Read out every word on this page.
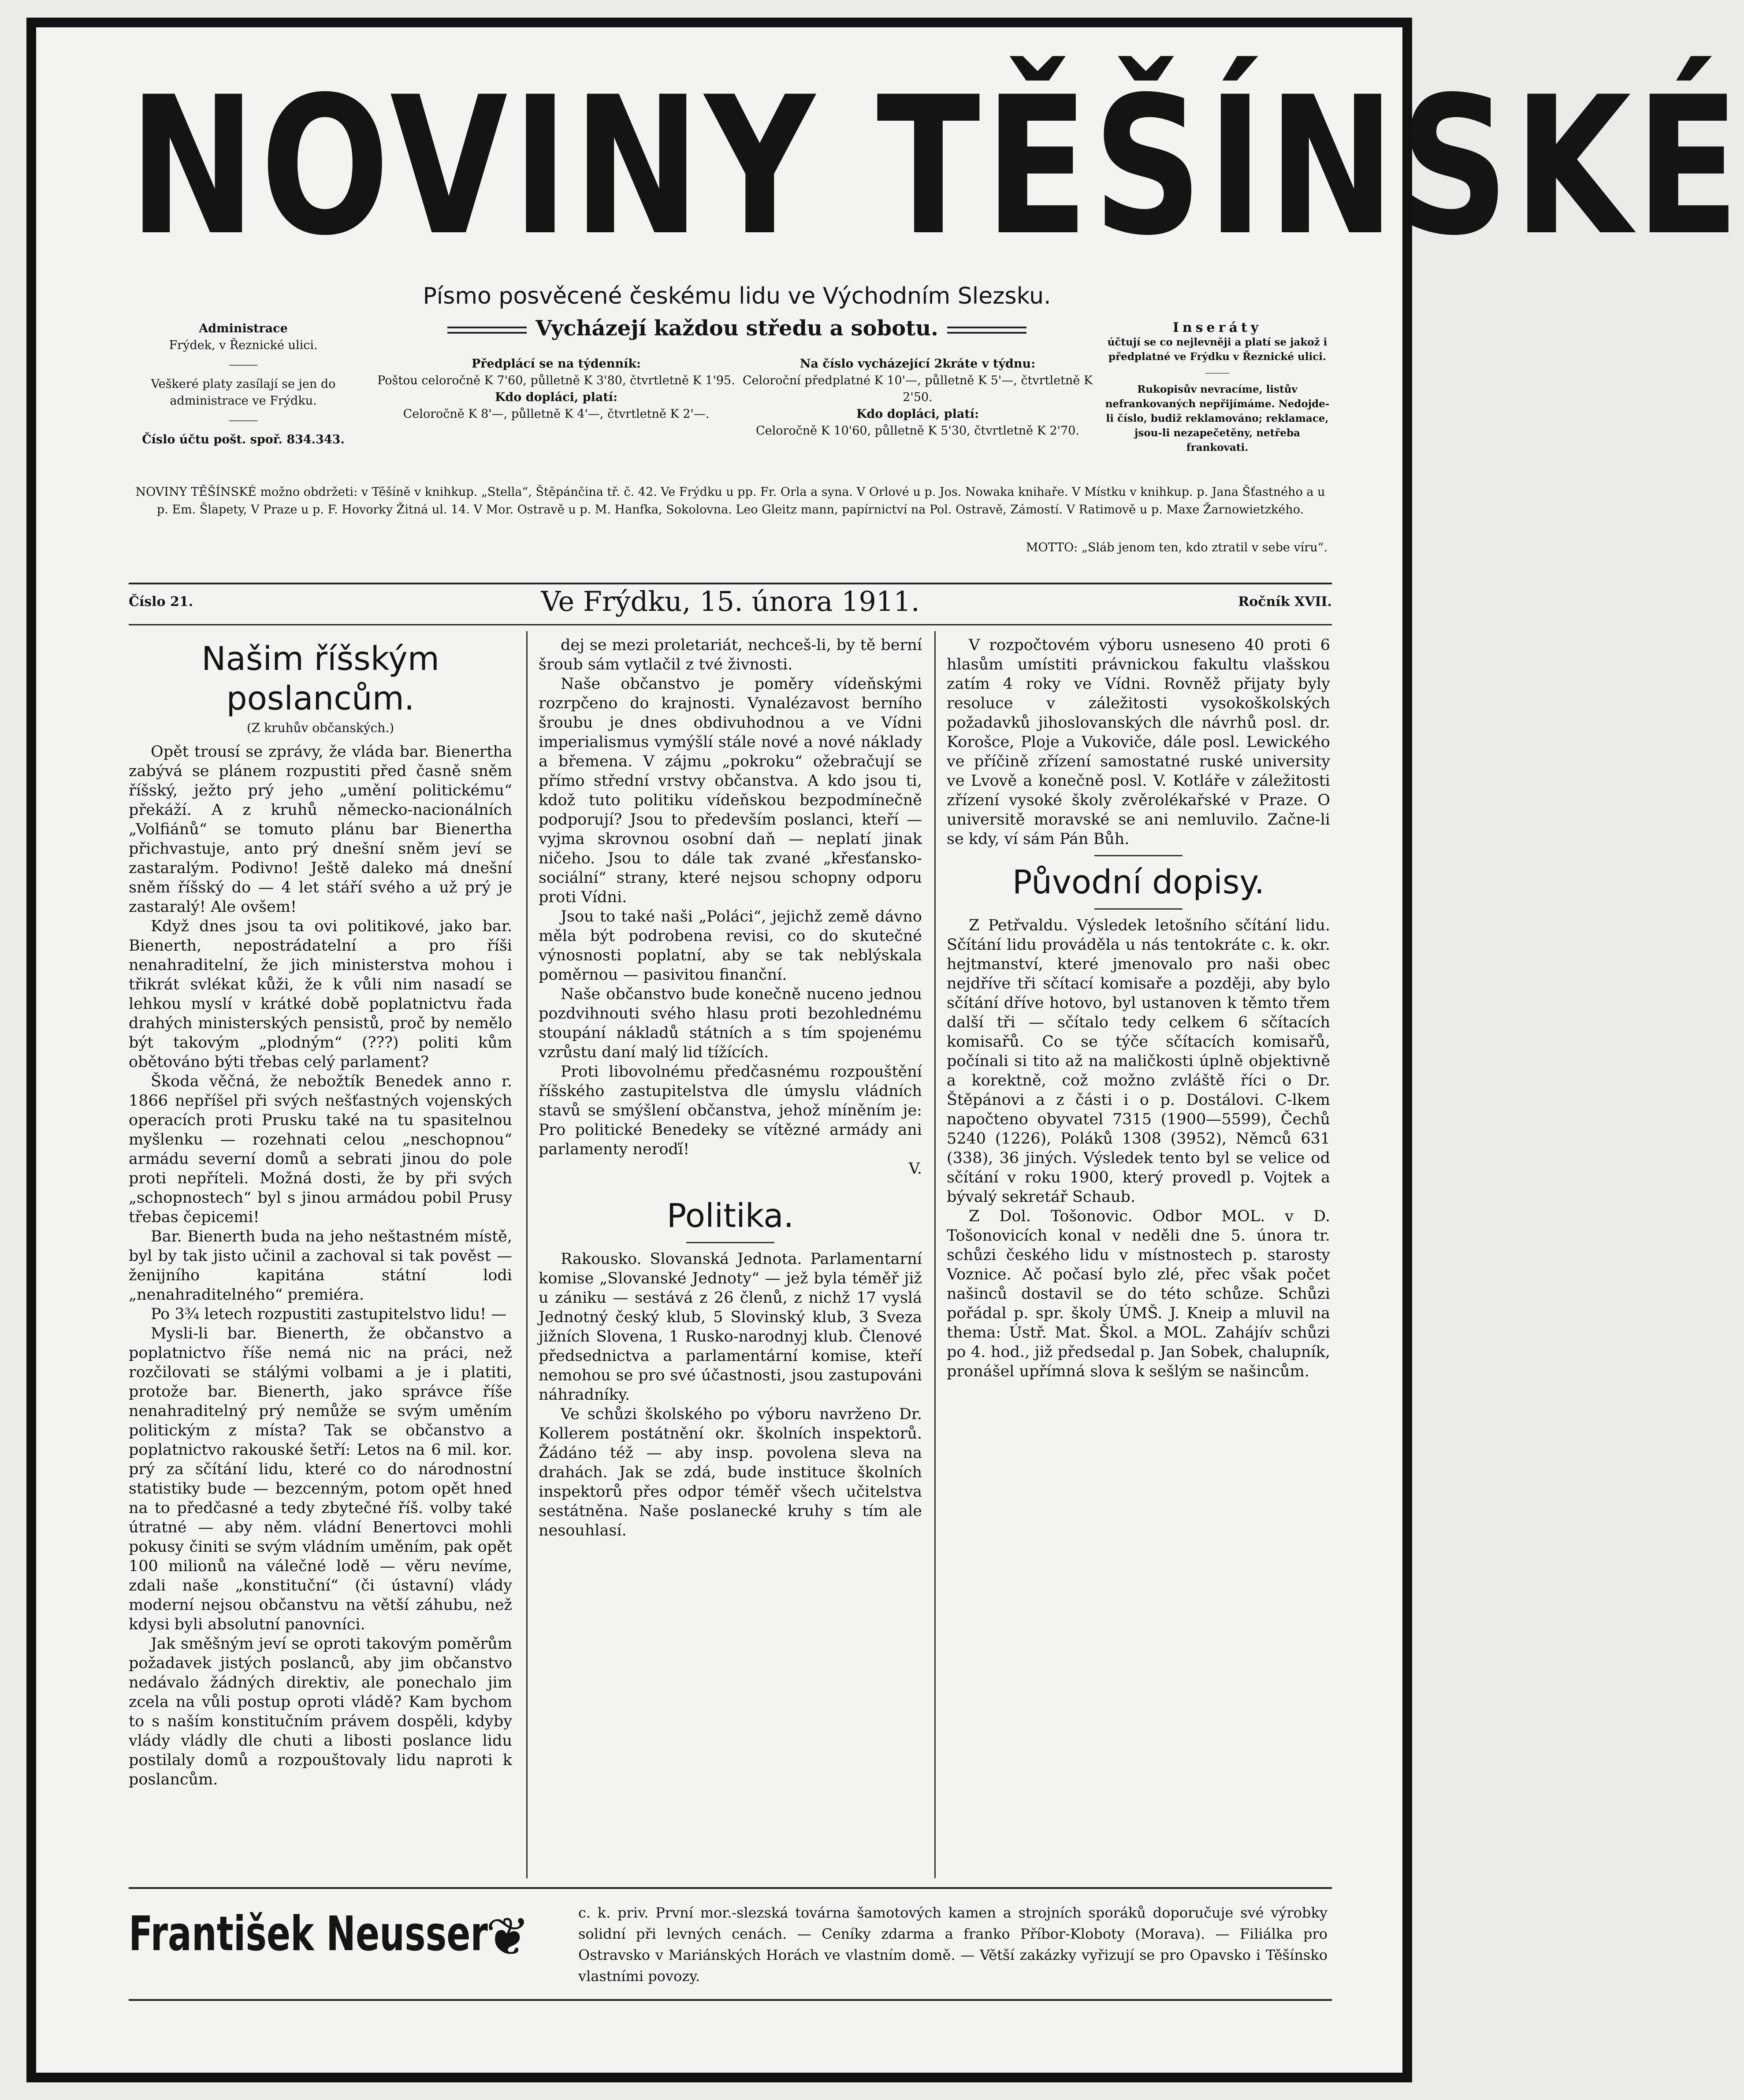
NOVINY TĚŠÍNSKÉ
Písmo posvěcené českému lidu ve Východním Slezsku.
Vycházejí každou středu a sobotu.
Administrace
Frýdek, v Řeznické ulici.
⸻
Veškeré platy zasílají se jen do administrace ve Frýdku.
⸻
Číslo účtu pošt. spoř. 834.343.
Předplácí se na týdenník:
Poštou celoročně K 7'60, půlletně K 3'80, čtvrtletně K 1'95.
Kdo dopláci, platí:
Celoročně K 8'—, půlletně K 4'—, čtvrtletně K 2'—.
Na číslo vycházející 2kráte v týdnu:
Celoroční předplatné K 10'—, půlletně K 5'—, čtvrtletně K 2'50.
Kdo dopláci, platí:
Celoročně K 10'60, půlletně K 5'30, čtvrtletně K 2'70.
Inseráty
účtují se co nejlevněji a platí se jakož i předplatné ve Frýdku v Řeznické ulici.
⸻
Rukopisův nevracíme, listův nefrankovaných nepřijímáme. Nedojde-li číslo, budiž reklamováno; reklamace, jsou-li nezapečetěny, netřeba frankovati.
NOVINY TĚŠÍNSKÉ možno obdržeti: v Těšíně v knihkup. „Stella“, Štěpánčina tř. č. 42. Ve Frýdku u pp. Fr. Orla a syna. V Orlové u p. Jos. Nowaka knihaře. V Místku v knihkup. p. Jana Šťastného a u p. Em. Šlapety, V Praze u p. F. Hovorky Žitná ul. 14. V Mor. Ostravě u p. M. Hanfka, Sokolovna. Leo Gleitz mann, papírnictví na Pol. Ostravě, Zámostí. V Ratimově u p. Maxe Žarnowietzkého.
MOTTO: „Sláb jenom ten, kdo ztratil v sebe víru“.
Ve Frýdku, 15. února 1911.
Číslo 21.	Ročník XVII.
Našim říšským poslancům.
(Z kruhův občanských.)

Opět trousí se zprávy, že vláda bar. Bienertha zabývá se plánem rozpustiti před časně sněm říšský, ježto prý jeho „umění politickému“ překáží. A z kruhů německo-nacionálních „Volfiánů“ se tomuto plánu bar Bienertha přichvastuje, anto prý dnešní sněm jeví se zastaralým. Podivno! Ještě dalekо má dnešní sněm říšský do — 4 let stáří svého a už prý je zastaralý! Ale ovšem!

Když dnes jsou ta ovi politikové, jako bar. Bienerth, nepostrádatelní a pro říši nenahraditelní, že jich ministerstva mohou i třikrát svlékat kůži, že k vůli nim nasadí se lehkou myslí v krátké době poplatnictvu řada drahých ministerských pensistů, proč by nemělo být takovým „plodným“ (???) politi kům obětováno býti třebas celý parlament?

Škoda věčná, že nebožtík Benedek anno r. 1866 nepříšel při svých nešťastných vojenských operacích proti Prusku také na tu spasitelnou myšlenku — rozehnati celou „neschopnou“ armádu severní domů a sebrati jinou do pole proti nepříteli. Možná dosti, že by při svých „schopnostech“ byl s jinou armádou pobil Prusy třebas čepicemi!

Bar. Bienerth buda na jeho neštastném místě, byl by tak jisto učinil a zachoval si tak pověst — ženijního kapitána státní lodi „nenahraditelného“ premiéra.

Po 3¾ letech rozpustiti zastupitelstvo lidu! —

Mysli-li bar. Bienerth, že občanstvo a poplatnictvo říše nemá nic na práci, než rozčilovati se stálými volbami a je i platiti, protože bar. Bienerth, jako správce říše nenahraditelný prý nemůže se svým uměním politickým z místa? Tak se občanstvo a poplatnictvo rakouské šetří: Letos na 6 mil. kor. prý za sčítání lidu, které co do národnostní statistiky bude — bezcenným, potom opět hned na to předčasné a tedy zbytečné říš. volby také útratné — aby něm. vládní Benertovci mohli pokusy činiti se svým vládním uměním, pak opět 100 milionů na válečné lodě — věru nevíme, zdali naše „konstituční“ (či ústavní) vlády moderní nejsou občanstvu na větší záhubu, než kdysi byli absolutní panovníci.

Jak směšným jeví se oproti takovým poměrům požadavek jistých poslanců, aby jim občanstvo nedávalo žádných direktiv, ale ponechalo jim zcela na vůli postup oproti vládě? Kam bychom to s naším konstitučním právem dospěli, kdyby vlády vládly dle chuti a libosti poslance lidu postilaly domů a rozpouštovaly lidu naproti k poslancům.

dej se mezi proletariát, nechceš-li, by tě berní šroub sám vytlačil z tvé živnosti.

Naše občanstvo je poměry vídeňskými rozrpčeno do krajnosti. Vynalézavost berního šroubu je dnes obdivuhodnou a ve Vídni imperialismus vymýšlí stále nové a nové náklady a břemena. V zájmu „pokroku“ ožebračují se přímo střední vrstvy občanstva. A kdo jsou ti, kdož tuto politiku vídeňskou bezpodmínečně podporují? Jsou to především poslanci, kteří — vyjma skrovnou osobní daň — neplatí jinak ničeho. Jsou to dále tak zvané „křesťansko-sociální“ strany, které nejsou schopny odporu proti Vídni.

Jsou to také naši „Poláci“, jejichž země dávno měla být podrobena revisi, co do skutečné výnosnosti poplatní, aby se tak neblýskala poměrnou — pasivitou finanční.

Naše občanstvo bude konečně nuceno jednou pozdvihnouti svého hlasu proti bezohlednému stoupání nákladů státních a s tím spojenému vzrůstu daní malý lid tížících.

Proti libovolnému předčasnému rozpouštění říšského zastupitelstva dle úmyslu vládních stavů se smýšlení občanstva, jehož míněním je: Pro politické Benedeky se vítězné armády ani parlamenty neroďí!

V.
Politika.

Rakousko. Slovanská Jednota. Parlamentarní komise „Slovanské Jednoty“ — jež byla téměř již u zániku — sestává z 26 členů, z nichž 17 vyslá Jednotný český klub, 5 Slovinský klub, 3 Sveza jižních Slovena, 1 Rusko-narodnyj klub. Členové předsednictva a parlamentární komise, kteří nemohou se pro své účastnosti, jsou zastupováni náhradníky.

Ve schůzi školského po výboru navrženo Dr. Kollerem postátnění okr. školních inspektorů. Žádáno též — aby insp. povolena slevа na drahách. Jak se zdá, bude instituce školních inspektorů přes odpor téměř všech učitelstva sestátněna. Naše poslanecké kruhy s tím ale nesouhlasí.

V rozpočtovém výboru usneseno 40 proti 6 hlasům umístiti právnickou fakultu vlašskou zatím 4 roky ve Vídni. Rovněž přijaty byly resoluce v záležitosti vysokoškolských požadavků jihoslovanských dle návrhů posl. dr. Korošce, Ploje a Vukoviče, dále posl. Lewického ve příčině zřízení samostatné ruské university ve Lvově a konečně posl. V. Kotláře v záležitosti zřízení vysoké školy zvěrolékařské v Praze. O universitě moravské se ani nemluvilo. Začne-li se kdy, ví sám Pán Bůh.

Původní dopisy.

Z Petřvaldu. Výsledek letošního sčítání lidu. Sčítání lidu prováděla u nás tentokráte c. k. okr. hejtmanství, které jmenovalo pro naši obec nejdříve tři sčítací komisaře a později, aby bylo sčítání dříve hotovo, byl ustanoven k těmto třem další tři — sčítalo tedy celkem 6 sčítacích komisařů. Co se týče sčítacích komisařů, počínali si tito až na maličkosti úplně objektivně a korektně, což možno zvláště říci o Dr. Štěpánovi a z části i o p. Dostálovi. C-lkem napočteno obyvatel 7315 (1900—5599), Čechů 5240 (1226), Poláků 1308 (3952), Němců 631 (338), 36 jiných. Výsledek tento byl se velice od sčítání v roku 1900, který provedl p. Vojtek a bývalý sekretář Schaub.

Z Dol. Tošonovic. Odbor MOL. v D. Tošonovicích konal v neděli dne 5. února tr. schůzi českého lidu v místnostech p. starosty Voznice. Ač počasí bylo zlé, přec však počet našinců dostavil se do této schůze. Schůzi pořádal p. spr. školy ÚMŠ. J. Kneip a mluvil na thema: Ústř. Mat. Škol. a MOL. Zahájív schůzi po 4. hod., již předsedal p. Jan Sobek, chalupník, pronášel upřímná slova k sešlým se našincům.

František Neusser
❦	c. k. priv. První mor.-slezská továrna šamotových kamen a strojních sporáků doporučuje své výrobky solidní při levných cenách. — Ceníky zdarma a franko Příbor-Kloboty (Morava). — Filiálka pro Ostravsko v Mariánských Horách ve vlastním domě. — Větší zakázky vyřizují se pro Opavsko i Těšínsko vlastními povozy.
